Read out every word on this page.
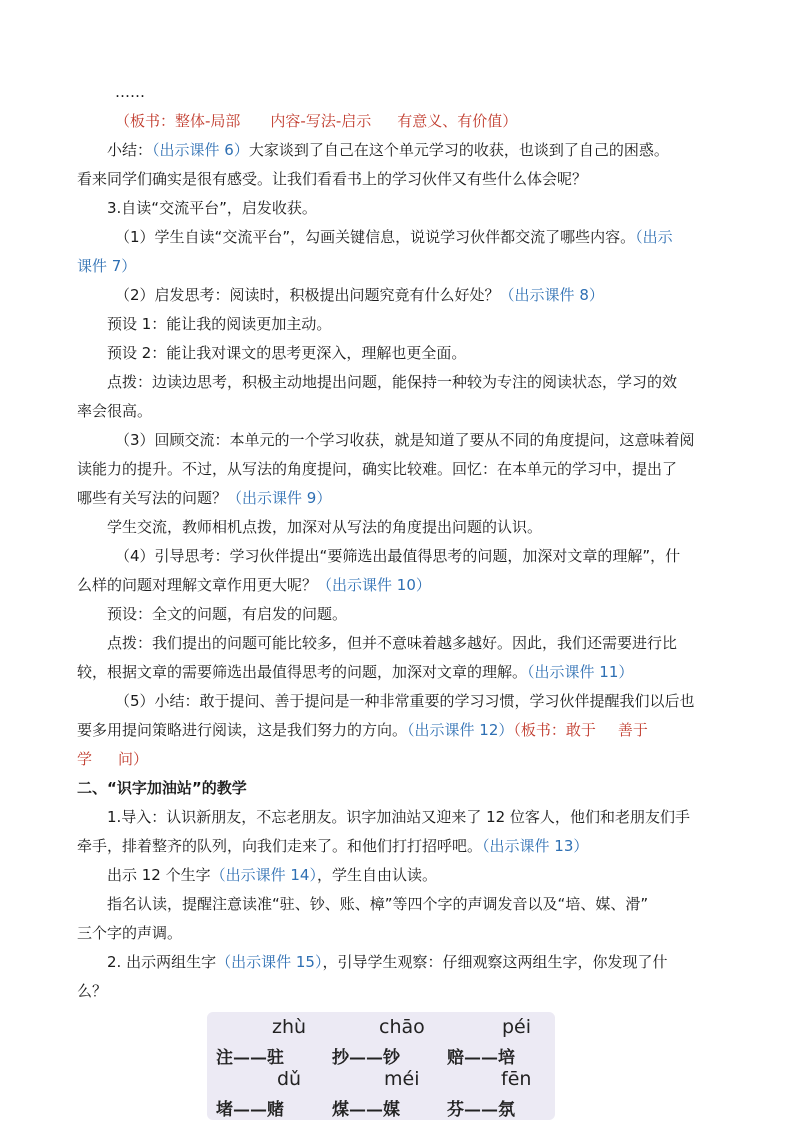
……
（板书：整体-局部 内容-写法-启示 有意义、有价值）
小结：（出示课件 6）大家谈到了自己在这个单元学习的收获，也谈到了自己的困惑。
看来同学们确实是很有感受。让我们看看书上的学习伙伴又有些什么体会呢？
3.自读“交流平台”，启发收获。
（1）学生自读“交流平台”，勾画关键信息，说说学习伙伴都交流了哪些内容。（出示
课件 7）
（2）启发思考：阅读时，积极提出问题究竟有什么好处？（出示课件 8）
预设 1：能让我的阅读更加主动。
预设 2：能让我对课文的思考更深入，理解也更全面。
点拨：边读边思考，积极主动地提出问题，能保持一种较为专注的阅读状态，学习的效
率会很高。
（3）回顾交流：本单元的一个学习收获，就是知道了要从不同的角度提问，这意味着阅
读能力的提升。不过，从写法的角度提问，确实比较难。回忆：在本单元的学习中，提出了
哪些有关写法的问题？（出示课件 9）
学生交流，教师相机点拨，加深对从写法的角度提出问题的认识。
（4）引导思考：学习伙伴提出“要筛选出最值得思考的问题，加深对文章的理解”，什
么样的问题对理解文章作用更大呢？（出示课件 10）
预设：全文的问题，有启发的问题。
点拨：我们提出的问题可能比较多，但并不意味着越多越好。因此，我们还需要进行比
较，根据文章的需要筛选出最值得思考的问题，加深对文章的理解。（出示课件 11）
（5）小结：敢于提问、善于提问是一种非常重要的学习习惯，学习伙伴提醒我们以后也
要多用提问策略进行阅读，这是我们努力的方向。（出示课件 12）（板书：敢于 善于
学 问）
二、“识字加油站”的教学
1.导入：认识新朋友，不忘老朋友。识字加油站又迎来了 12 位客人，他们和老朋友们手
牵手，排着整齐的队列，向我们走来了。和他们打打招呼吧。（出示课件 13）
出示 12 个生字（出示课件 14），学生自由认读。
指名认读，提醒注意读准“驻、钞、账、樟”等四个字的声调发音以及“培、媒、滑”
三个字的声调。
2. 出示两组生字（出示课件 15），引导学生观察：仔细观察这两组生字，你发现了什
么？
zhù	chāo	péi
注——驻	抄——钞	赔——培
dǔ	méi	fēn
堵——赌	煤——媒	芬——氛
